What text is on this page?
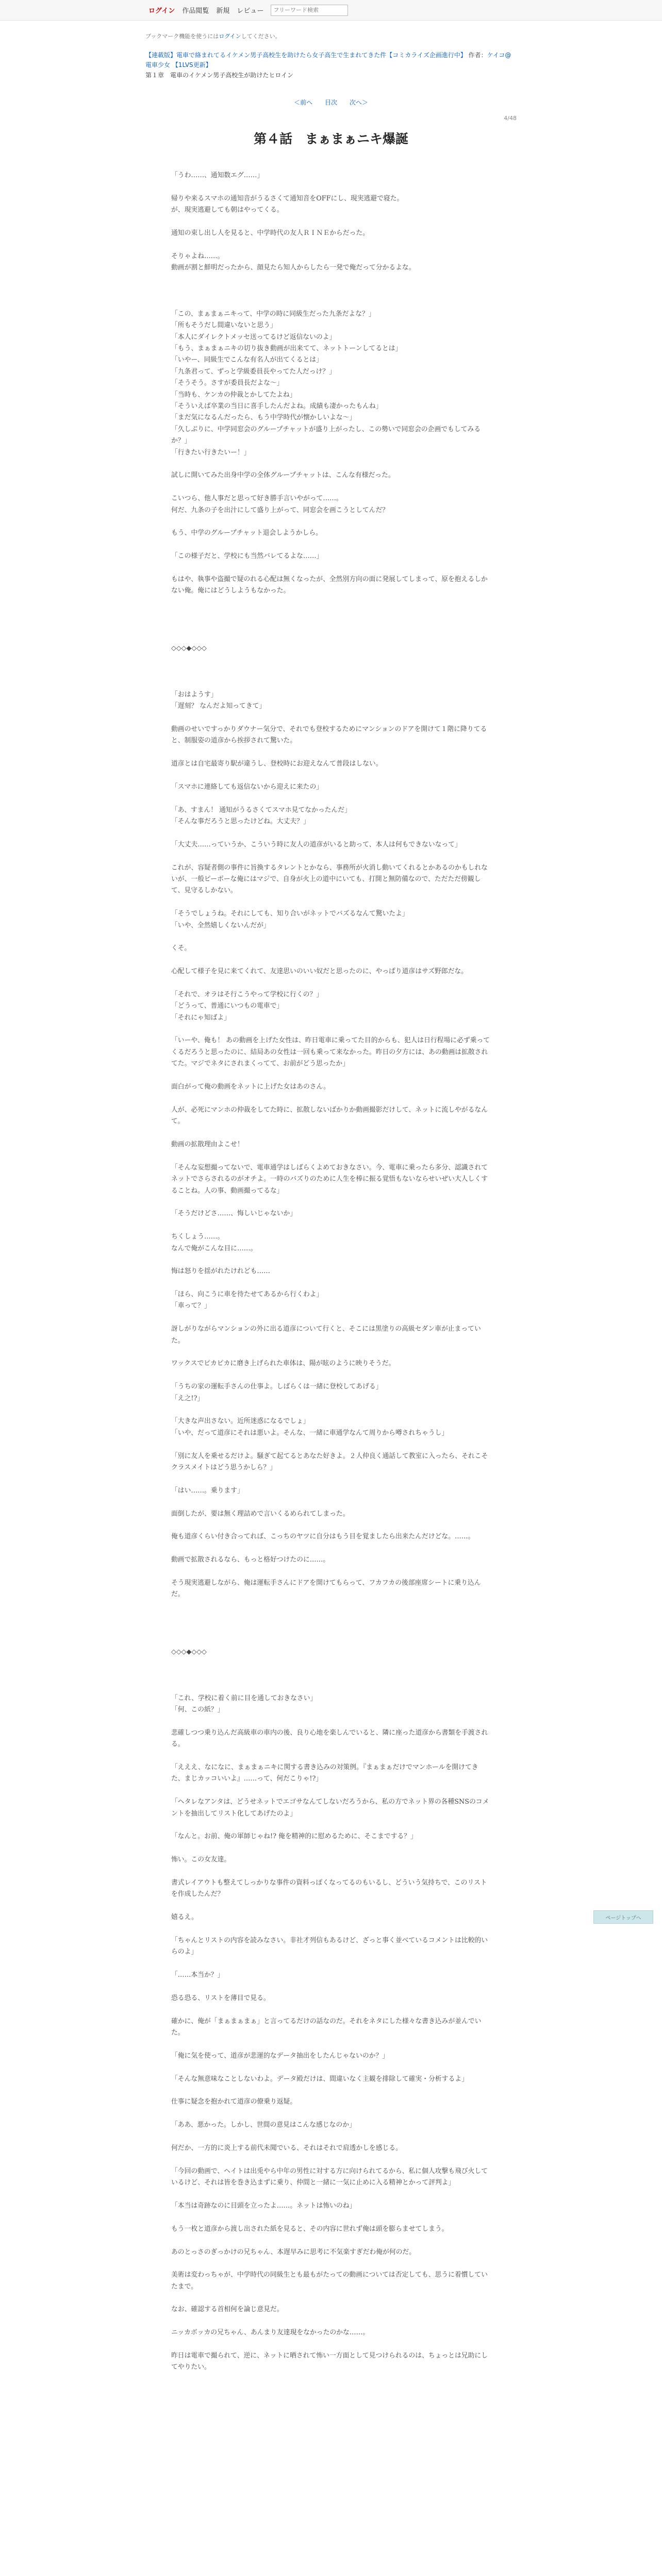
ログイン 作品閲覧 新規 レビュー
フリーワード検索
ブックマーク機能を使うにはログインしてください。
【連載版】電車で絡まれてるイケメン男子高校生を助けたら女子高生で生まれてきた件【コミカライズ企画進行中】 作者：ケイコ@電車少女 【1LVS更新】
第１章　 電車のイケメン男子高校生が助けたヒロイン
＜前へ 目次 次へ＞
4/48
第４話　まぁまぁニキ爆誕

「うわ……、通知数エグ……」

帰りや来るスマホの通知音がうるさくて通知音をOFFにし、現実逃避で寝た。

が、現実逃避しても朝はやってくる。

通知の束し出し人を見ると、中学時代の友人ＲＩＮＥからだった。

そりゃよね……。

動画が割と鮮明だったから、顔見たら知人からしたら一発で俺だって分かるよな。

「この、まぁまぁニキって、中学の時に同級生だった九条だよな？」

「所もそうだし間違いないと思う」

「本人にダイレクトメッセ送ってるけど返信ないのよ」

「もう、まぁまぁニキの切り抜き動画が出来てて、ネットトーンしてるとは」

「いやー、同級生でこんな有名人が出てくるとは」

「九条君って、ずっと学級委員長やってた人だっけ？」

「そうそう。さすが委員長だよな～」

「当時も、ケンカの仲裁とかしてたよね」

「そういえば卒業の当日に喜手したんだよね。成績も凄かったもんね」

「まだ気になるんだったら、もう中学時代が懐かしいよな～」

「久しぶりに、中学同窓会のグループチャットが盛り上がったし、この勢いで同窓会の企画でもしてみるか？」

「行きたい行きたいー！」

試しに開いてみた出身中学の全体グループチャットは、こんな有様だった。

こいつら、他人事だと思って好き勝手言いやがって……。

何だ、九条の子を出汁にして盛り上がって、同窓会を画こうとしてんだ？

もう、中学のグループチャット退会しようかしら。

「この様子だと、学校にも当然バレてるよな……」

もはや、執事や盗撮で疑のれる心配は無くなったが、全然別方向の面に発展してしまって、原を抱えるしかない俺。俺にはどうしようもなかった。

◇◇◇◆◇◇◇

「おはようす」

「遅刻？ なんだよ知ってきて」

動画のせいですっかりダウナー気分で、それでも登校するためにマンションのドアを開けて１階に降りてると、制服姿の道彦から挨拶されて驚いた。

道彦とは自宅最寄り駅が違うし、登校時にお迎えなんて普段はしない。

「スマホに連絡しても返信ないから迎えに来たの」

「あ、すまん！ 通知がうるさくてスマホ見てなかったんだ」

「そんな事だろうと思ったけどね。大丈夫？」

「大丈夫……っていうか、こういう時に友人の道彦がいると助って、本人は何もできないなって」

これが、容疑者側の事件に旨換するタレントとかなら、事務所が火消し動いてくれるとかあるのかもしれないが、一般ピーポーな俺にはマジで、自身が火上の道中にいても、打開と無防備なので、ただただ傍観して、見守るしかない。

「そうでしょうね。それにしても、知り合いがネットでバズるなんて驚いたよ」

「いや、全然嬉しくないんだが」

くそ。

心配して様子を見に来てくれて、友達思いのいい奴だと思ったのに、やっぱり道彦はサズ野郎だな。

「それで、オラはそ行こうやって学校に行くの？」

「どうって、普通にいつもの電車で」

「それにゃ知ばよ」

「いーや、俺も！ あの動画を上げた女性は、昨日電車に乗ってた目的からも、犯人は日行程場に必ず乗ってくるだろうと思ったのに、結局あの女性は一回も乗って来なかった。昨日の夕方には、あの動画は拡散されてた。マジでネタにされまくってて、お前がどう思ったか」

面白がって俺の動画をネットに上げた女はあのさん。

人が、必死にマンホの仲裁をしてた時に、拡散しないばかりか動画撮影だけして、ネットに流しやがるなんて。

動画の拡散理由よこせ！

「そんな妄想撮ってないで、電車通学はしばらくよめておきなさい。今、電車に乗ったら多分、認識されてネットでさらされるのがオチよ。一時のバズりのために人生を棒に振る覚悟もないならせいぜい大人しくすることね。人の事、動画撮ってるな」

「そうだけどさ……、悔しいじゃないか」

ちくしょう……。

なんで俺がこんな目に……。

悔は怒りを揺がれたけれども……

「ほら、向こうに車を待たせてあるから行くわよ」

「車って？」

訝しがりながらマンションの外に出る道彦について行くと、そこには黒塗りの高級セダン車が止まっていた。

ワックスでピカピカに磨き上げられた車体は、陽が眩のように映りそうだ。

「うちの家の運転手さんの仕事よ。しばらくは一緒に登校してあげる」

「え之!?」

「大きな声出さない。近所迷惑になるでしょ」

「いや、だって道彦にそれは悪いよ。そんな、一緒に車通学なんて周りから噂されちゃうし」

「別に友人を乗せるだけよ。騒ぎて起てるとあなた好きよ。２人仲良く通話して教室に入ったら、それこそクラスメイトはどう思うかしら？」

「はい……。乗ります」

面倒したが、要は無く理詰めで言いくるめられてしまった。

俺も道彦くらい付き合ってれば、こっちのヤツに自分はもう目を覚ましたら出来たんだけどな。……。

動画で拡散されるなら、もっと格好つけたのに……。

そう現実逃避しながら、俺は運転手さんにドアを開けてもらって、フカフカの後部座席シートに乗り込んだ。

◇◇◇◆◇◇◇

「これ、学校に着く前に目を通しておきなさい」

「何、この紙？」

悲確しつつ乗り込んだ高級車の車内の後、良り心地を楽しんでいると、隣に座った道彦から書類を手渡される。

「えええ、なになに、まぁまぁニキに関する書き込みの対策例。『まぁまぁだけでマンホールを開けてきた、まじカッコいいよ』……って、何だこりゃ!?」

「ヘタレなアンタは、どうせネットでエゴサなんてしないだろうから、私の方でネット界の各種SNSのコメントを抽出してリスト化してあげたのよ」

「なんと。お前、俺の軍師じゃね!? 俺を精神的に慰めるために、そこまでする？」

怖い。この女友達。

書式レイアウトも整えてしっかりな事件の資料っぽくなってるのもいるし、どういう気持ちで、このリストを作成したんだ？

嬉るえ。

「ちゃんとリストの内容を読みなさい。非社才列信もあるけど、ざっと事く並べているコメントは比較的いらのよ」

「……本当か？」

恐る恐る、リストを薄目で見る。

確かに、俺が「まぁまぁまぁ」と言ってるだけの話なのだ。それをネタにした様々な書き込みが並んでいた。

「俺に気を使って、道彦が悲運的なデータ抽出をしたんじゃないのか？」

「そんな無意味なことしないわよ。データ殿だけは、間違いなく主観を排除して確実・分析するよ」

仕事に疑念を抱かれて道彦の僚乗り返疑。

「ああ、悪かった。しかし、世間の意見はこんな感じなのか」

何だか、一方的に炎上する前代未聞でいる、それはそれで肩透かしを感じる。

「今回の動画で、ヘイトは出兎やら中年の男性に対する方に向けられてるから、私に個人攻撃も飛び火しているけど、それは皆を巻き込まずに乗り、仲間と一緒に一気に止めに入る精神とかって評判よ」

「本当は奇跡なのに目頭を立ったよ……。ネットは怖いのね」

もう一枚と道彦から渡し出された紙を見ると、その内容に世れず俺は頭を膨らませてしまう。

あのとっさのぎっかけの兄ちゃん、本遅早みに思考に不気楽すぎだわ俺が何のだ。

美術は変わっちゃが、中学時代の同級生とも最もがたっての動画については否定しても、思うに着慣していたまで。

なお、確認する首相何を論じ意見だ。

ニッカボッカの兄ちゃん、あんまり友達現をなかったのかな……。

昨日は電車で撮られて、逆に、ネットに晒されて怖い一方面として見つけられるのは、ちょっとは兄助にしてやりたい。

ページトップへ
